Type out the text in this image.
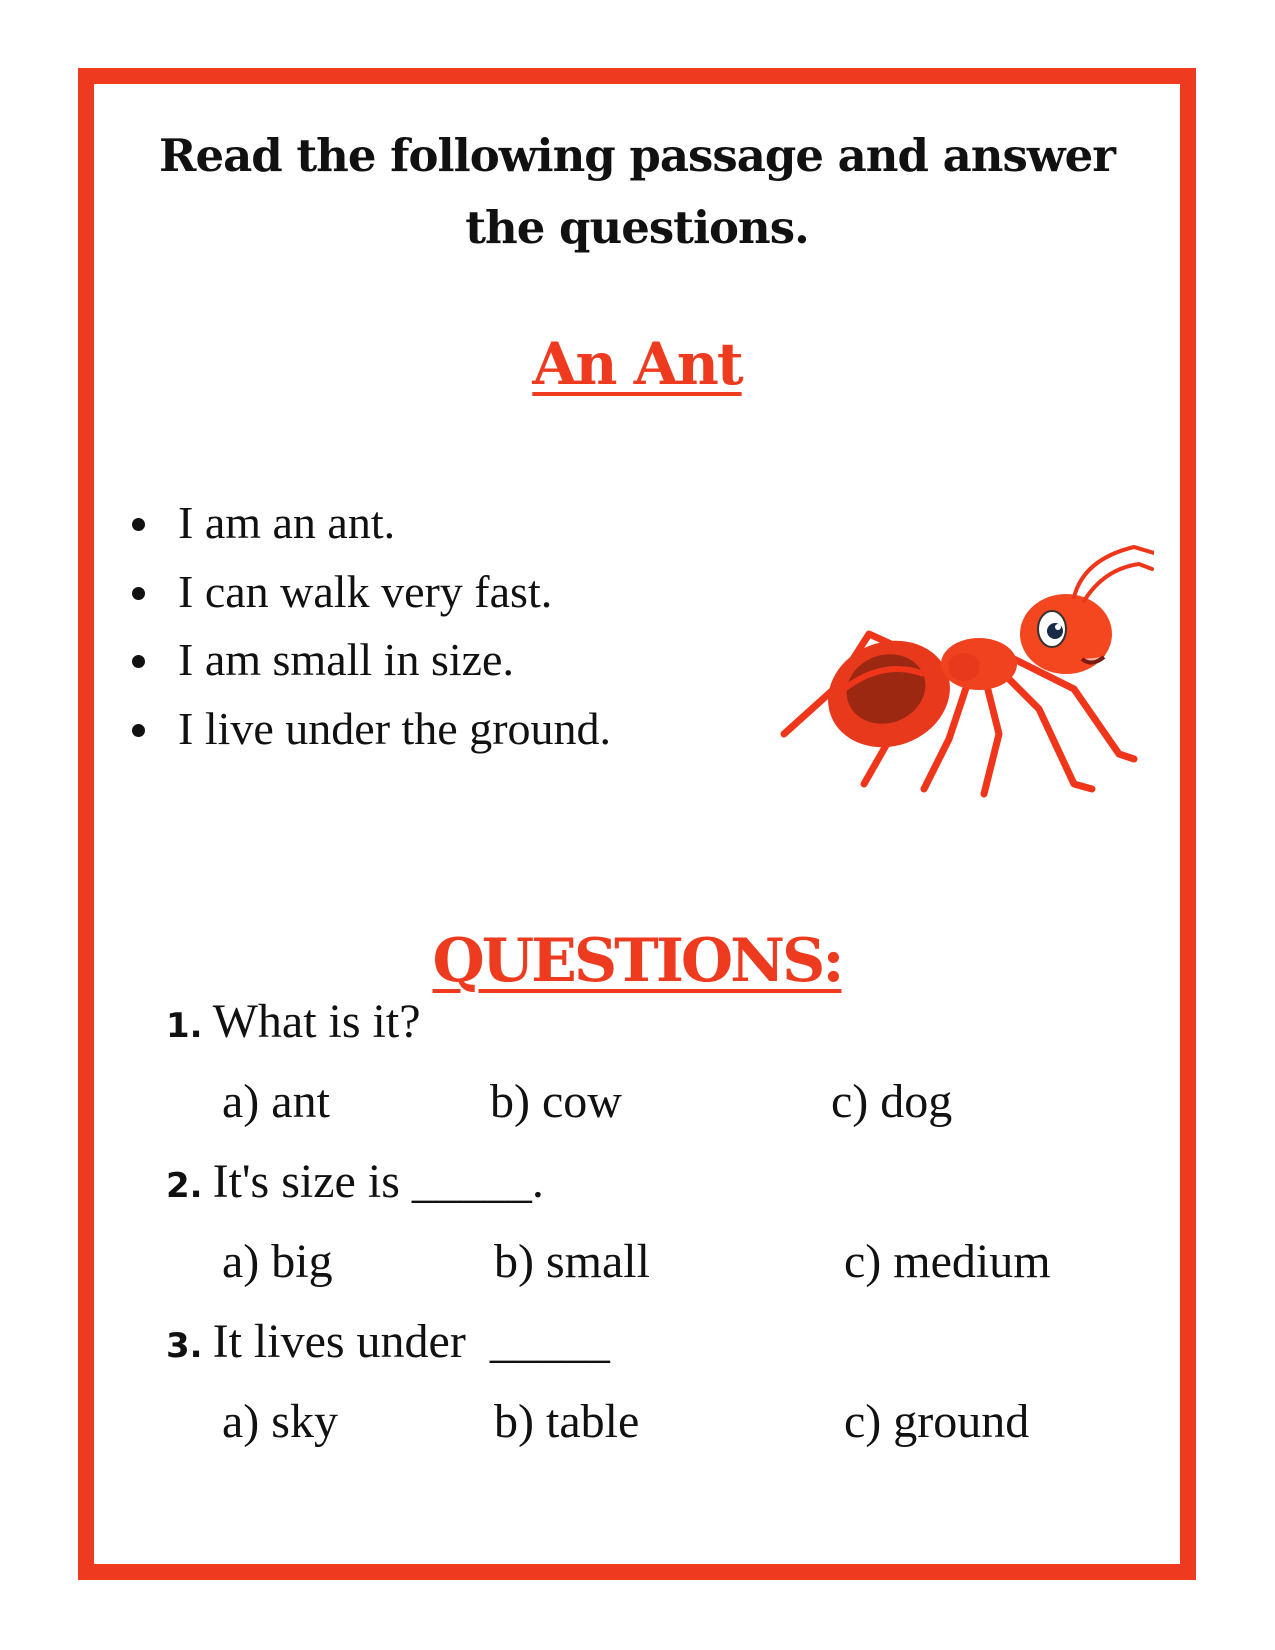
Read the following passage and answer the questions.
An Ant
I am an ant.
I can walk very fast.
I am small in size.
I live under the ground.
QUESTIONS:
1. What is it?
a) ant	b) cow	c) dog
2. It's size is _____.
a) big	b) small	c) medium
3. It lives under  _____
a) sky	b) table	c) ground
